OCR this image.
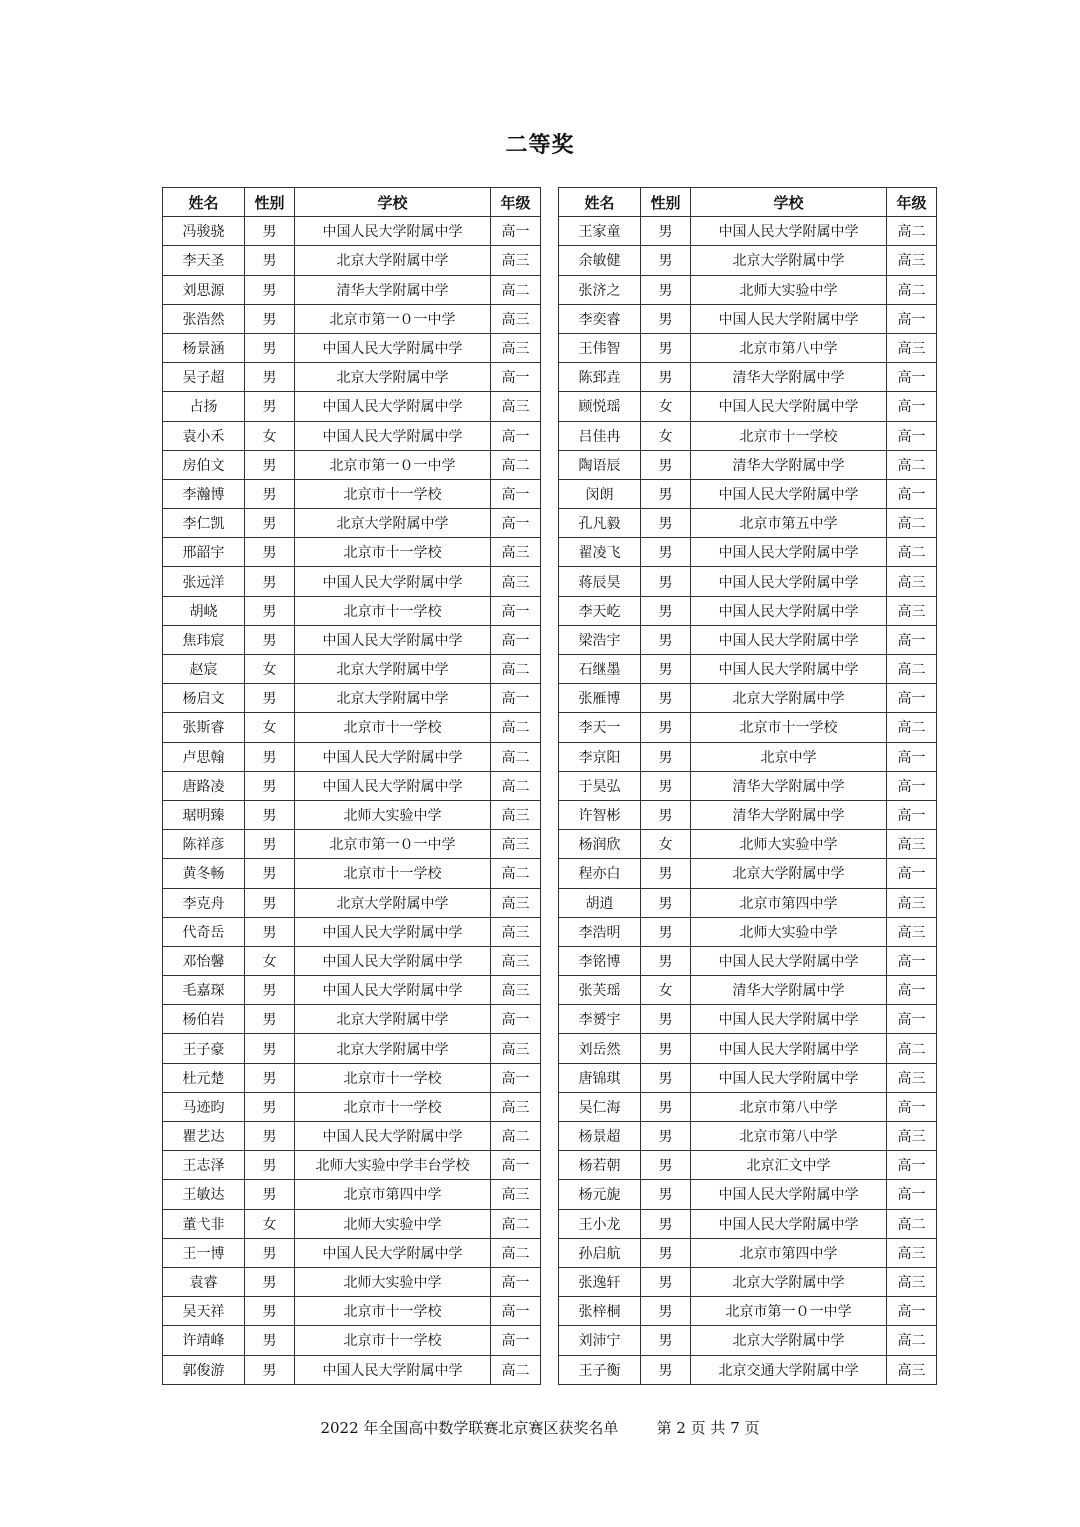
二等奖
姓名	性别	学校	年级
冯骏骁	男	中国人民大学附属中学	高一
李天圣	男	北京大学附属中学	高三
刘思源	男	清华大学附属中学	高二
张浩然	男	北京市第一０一中学	高三
杨景涵	男	中国人民大学附属中学	高三
吴子超	男	北京大学附属中学	高一
占扬	男	中国人民大学附属中学	高三
袁小禾	女	中国人民大学附属中学	高一
房伯文	男	北京市第一０一中学	高二
李瀚博	男	北京市十一学校	高一
李仁凯	男	北京大学附属中学	高一
邢韶宇	男	北京市十一学校	高三
张远洋	男	中国人民大学附属中学	高三
胡峣	男	北京市十一学校	高一
焦玮宸	男	中国人民大学附属中学	高一
赵宸	女	北京大学附属中学	高二
杨启文	男	北京大学附属中学	高一
张斯睿	女	北京市十一学校	高二
卢思翰	男	中国人民大学附属中学	高二
唐路凌	男	中国人民大学附属中学	高二
琚明臻	男	北师大实验中学	高三
陈祥彦	男	北京市第一０一中学	高三
黄冬畅	男	北京市十一学校	高二
李克舟	男	北京大学附属中学	高三
代奇岳	男	中国人民大学附属中学	高三
邓怡馨	女	中国人民大学附属中学	高三
毛嘉琛	男	中国人民大学附属中学	高三
杨伯岩	男	北京大学附属中学	高一
王子豪	男	北京大学附属中学	高三
杜元楚	男	北京市十一学校	高一
马迹昀	男	北京市十一学校	高三
瞿艺达	男	中国人民大学附属中学	高二
王志泽	男	北师大实验中学丰台学校	高一
王敏达	男	北京市第四中学	高三
董弋非	女	北师大实验中学	高二
王一博	男	中国人民大学附属中学	高二
袁睿	男	北师大实验中学	高一
吴天祥	男	北京市十一学校	高一
许靖峰	男	北京市十一学校	高一
郭俊游	男	中国人民大学附属中学	高二
姓名	性别	学校	年级
王家童	男	中国人民大学附属中学	高二
余敏健	男	北京大学附属中学	高三
张济之	男	北师大实验中学	高二
李奕睿	男	中国人民大学附属中学	高一
王伟智	男	北京市第八中学	高三
陈郅垚	男	清华大学附属中学	高一
顾悦瑶	女	中国人民大学附属中学	高一
吕佳冉	女	北京市十一学校	高一
陶语辰	男	清华大学附属中学	高二
闵朗	男	中国人民大学附属中学	高一
孔凡毅	男	北京市第五中学	高二
翟凌飞	男	中国人民大学附属中学	高二
蒋辰昊	男	中国人民大学附属中学	高三
李天屹	男	中国人民大学附属中学	高三
梁浩宇	男	中国人民大学附属中学	高一
石继墨	男	中国人民大学附属中学	高二
张雁博	男	北京大学附属中学	高一
李天一	男	北京市十一学校	高二
李京阳	男	北京中学	高一
于昊弘	男	清华大学附属中学	高一
许智彬	男	清华大学附属中学	高一
杨润欣	女	北师大实验中学	高三
程亦白	男	北京大学附属中学	高一
胡逍	男	北京市第四中学	高三
李浩明	男	北师大实验中学	高三
李铭博	男	中国人民大学附属中学	高一
张芙瑶	女	清华大学附属中学	高一
李赟宇	男	中国人民大学附属中学	高一
刘岳然	男	中国人民大学附属中学	高二
唐锦琪	男	中国人民大学附属中学	高三
吴仁海	男	北京市第八中学	高一
杨景超	男	北京市第八中学	高三
杨若朝	男	北京汇文中学	高一
杨元旎	男	中国人民大学附属中学	高一
王小龙	男	中国人民大学附属中学	高二
孙启航	男	北京市第四中学	高三
张逸轩	男	北京大学附属中学	高三
张梓桐	男	北京市第一０一中学	高一
刘沛宁	男	北京大学附属中学	高二
王子衡	男	北京交通大学附属中学	高三
2022 年全国高中数学联赛北京赛区获奖名单	第 2 页 共 7 页
